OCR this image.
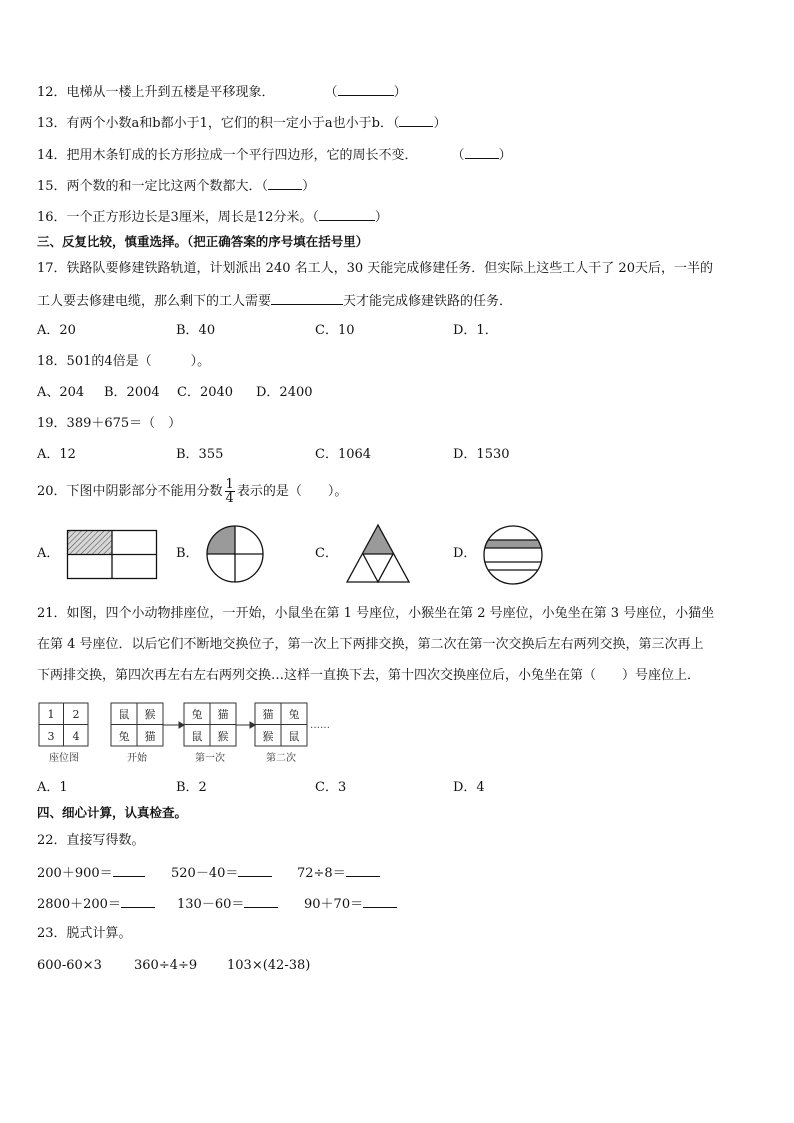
12．电梯从一楼上升到五楼是平移现象．	（	）
13．有两个小数a和b都小于1，它们的积一定小于a也小于b．（	）
14．把用木条钉成的长方形拉成一个平行四边形，它的周长不变．	（	）
15．两个数的和一定比这两个数都大．（	）
16．一个正方形边长是3厘米，周长是12分米。（	）
三、反复比较，慎重选择。（把正确答案的序号填在括号里）
17．铁路队要修建铁路轨道，计划派出 240 名工人，30 天能完成修建任务．但实际上这些工人干了 20天后，一半的
工人要去修建电缆，那么剩下的工人需要	天才能完成修建铁路的任务．
A．20	B．40	C．10	D．1．
18．501的4倍是（　　　）。
A、204 B．2004 C．2040 D．2400
19．389＋675＝（　）
A．12	B．355	C．1064	D．1530
20．下图中阴影部分不能用分数 $\frac{1}{4}$ 表示的是（　　）。
A．	B．	C．	D．
21．如图，四个小动物排座位，一开始，小鼠坐在第 1 号座位，小猴坐在第 2 号座位，小兔坐在第 3 号座位，小猫坐
在第 4 号座位．以后它们不断地交换位子，第一次上下两排交换，第二次在第一次交换后左右两列交换，第三次再上
下两排交换，第四次再左右左右两列交换…这样一直换下去，第十四次交换座位后，小兔坐在第（　　）号座位上．
1 2
3 4
鼠 猴
兔 猫
兔 猫
鼠 猴
猫 兔
猴 鼠
座位图	开始	第一次	第二次
……
A．1	B．2	C．3	D．4
四、细心计算，认真检查。
22．直接写得数。
200＋900＝	520－40＝	72÷8＝
2800＋200＝	130－60＝	90＋70＝
23．脱式计算。
600-60×3 360÷4÷9 103×(42-38)
